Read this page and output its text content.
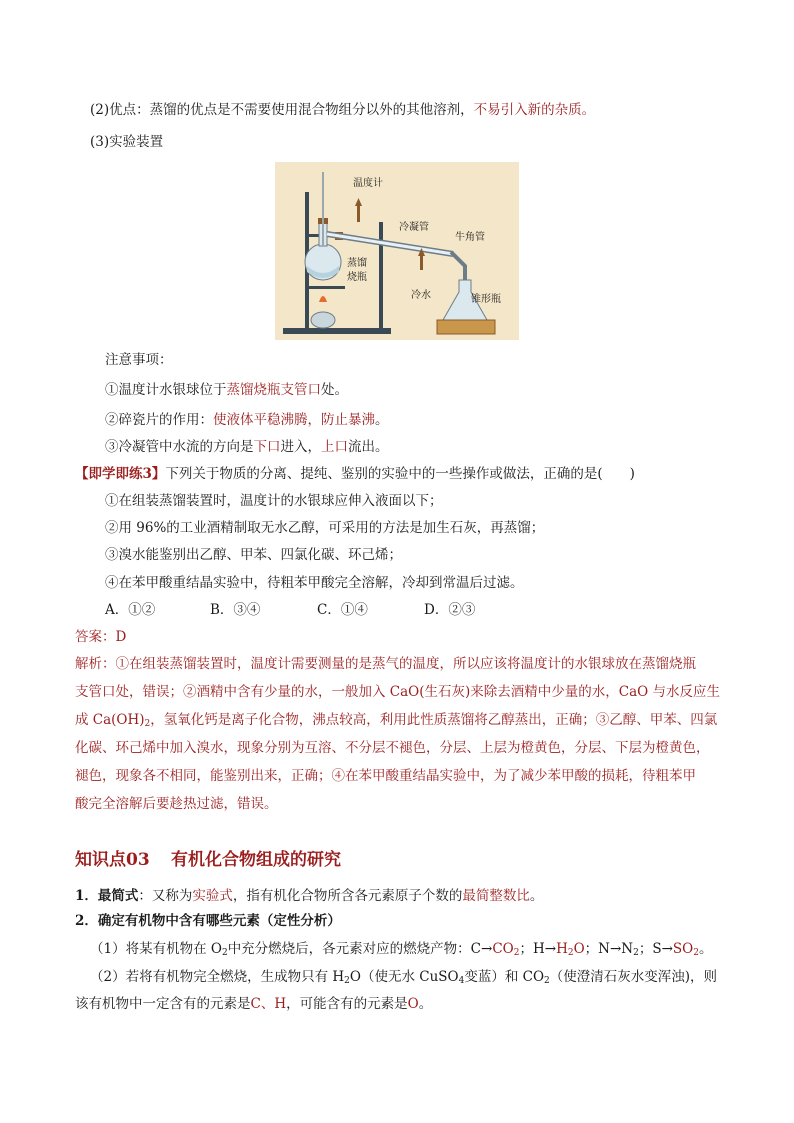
(2)优点：蒸馏的优点是不需要使用混合物组分以外的其他溶剂，不易引入新的杂质。
(3)实验装置
温度计
冷凝管
牛角管
蒸馏
烧瓶
冷水	锥形瓶
注意事项：
①温度计水银球位于蒸馏烧瓶支管口处。
②碎瓷片的作用：使液体平稳沸腾，防止暴沸。
③冷凝管中水流的方向是下口进入，上口流出。
【即学即练3】下列关于物质的分离、提纯、鉴别的实验中的一些操作或做法，正确的是(　　)
①在组装蒸馏装置时，温度计的水银球应伸入液面以下；
②用 96%的工业酒精制取无水乙醇，可采用的方法是加生石灰，再蒸馏；
③溴水能鉴别出乙醇、甲苯、四氯化碳、环己烯；
④在苯甲酸重结晶实验中，待粗苯甲酸完全溶解，冷却到常温后过滤。
A．①②	B．③④	C．①④	D．②③
答案：D
解析：①在组装蒸馏装置时，温度计需要测量的是蒸气的温度，所以应该将温度计的水银球放在蒸馏烧瓶
支管口处，错误；②酒精中含有少量的水，一般加入 CaO(生石灰)来除去酒精中少量的水，CaO 与水反应生
成 $Ca(OH)_2$，氢氧化钙是离子化合物，沸点较高，利用此性质蒸馏将乙醇蒸出，正确；③乙醇、甲苯、四氯
化碳、环己烯中加入溴水，现象分别为互溶、不分层不褪色，分层、上层为橙黄色，分层、下层为橙黄色，
褪色，现象各不相同，能鉴别出来，正确；④在苯甲酸重结晶实验中，为了减少苯甲酸的损耗，待粗苯甲
酸完全溶解后要趁热过滤，错误。
知识点03 有机化合物组成的研究
1．最简式：又称为实验式，指有机化合物所含各元素原子个数的最简整数比。
2．确定有机物中含有哪些元素（定性分析）
（1）将某有机物在 $O_2$中充分燃烧后，各元素对应的燃烧产物：$C\to CO_2$；$H\to H_2O$；$N\to N_2$；$S\to SO_2$。
（2）若将有机物完全燃烧，生成物只有 $H_2O$（使无水 CuSO$_4$变蓝）和 $CO_2$（使澄清石灰水变浑浊)，则
该有机物中一定含有的元素是C、H，可能含有的元素是O。
